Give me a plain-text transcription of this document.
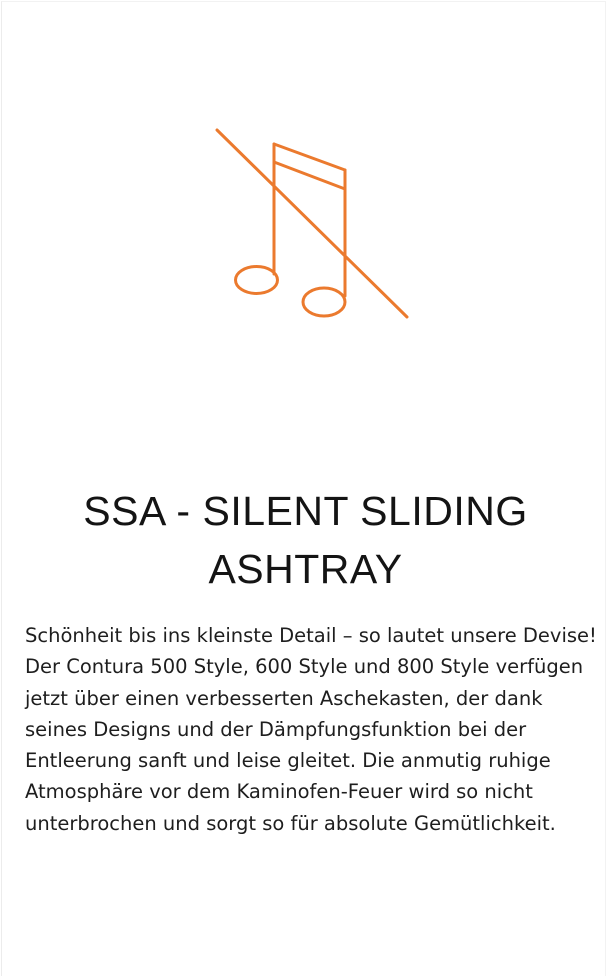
SSA - SILENT SLIDING ASHTRAY

Schönheit bis ins kleinste Detail – so lautet unsere Devise! Der Contura 500 Style, 600 Style und 800 Style verfügen jetzt über einen verbesserten Aschekasten, der dank seines Designs und der Dämpfungsfunktion bei der Entleerung sanft und leise gleitet. Die anmutig ruhige Atmosphäre vor dem Kaminofen-Feuer wird so nicht unterbrochen und sorgt so für absolute Gemütlichkeit.
